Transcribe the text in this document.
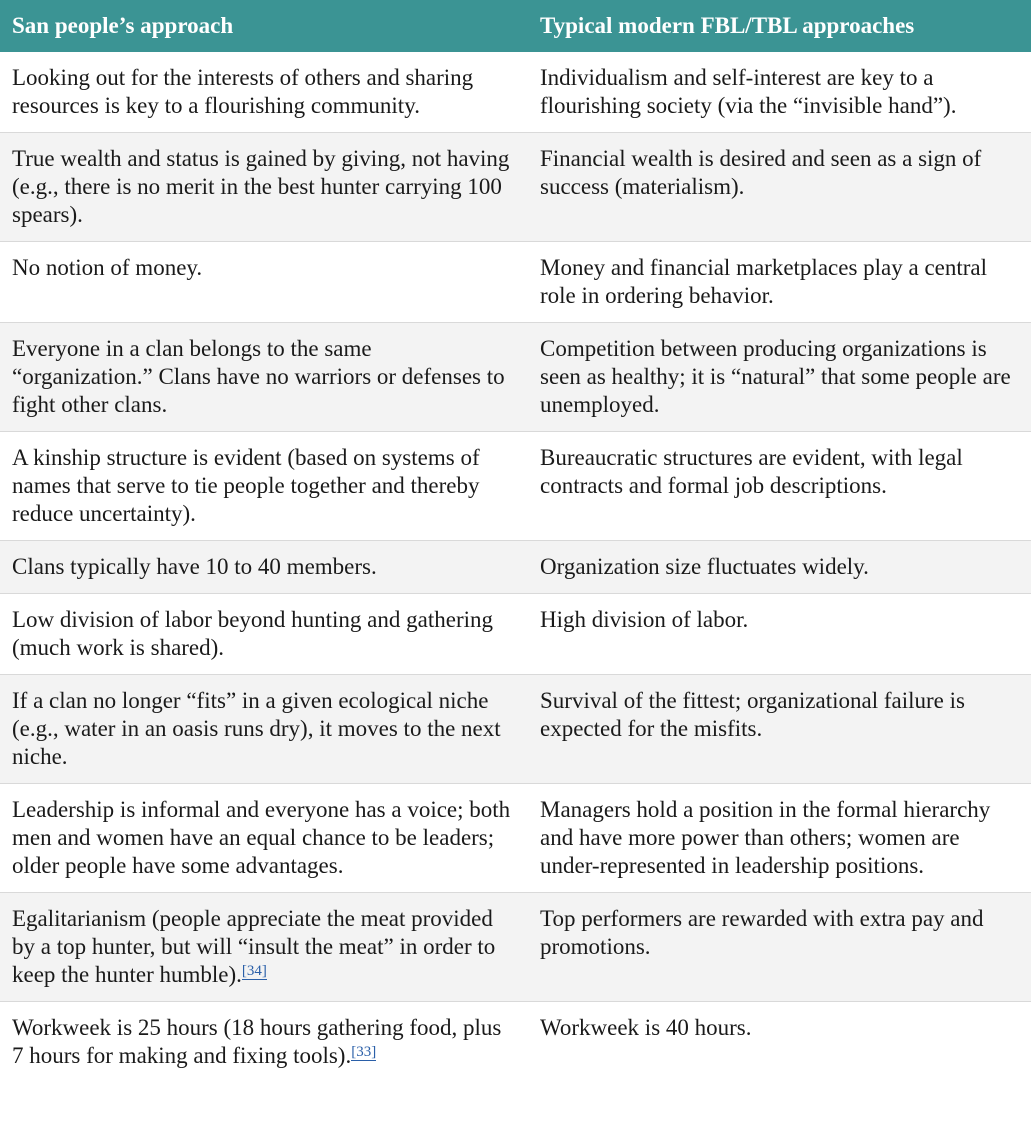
San people’s approach	Typical modern FBL/TBL approaches
Looking out for the interests of others and sharing resources is key to a flourishing community.	Individualism and self-interest are key to a flourishing society (via the “invisible hand”).
True wealth and status is gained by giving, not having (e.g., there is no merit in the best hunter carrying 100 spears).	Financial wealth is desired and seen as a sign of success (materialism).
No notion of money.	Money and financial marketplaces play a central role in ordering behavior.
Everyone in a clan belongs to the same “organization.” Clans have no warriors or defenses to fight other clans.	Competition between producing organizations is seen as healthy; it is “natural” that some people are unemployed.
A kinship structure is evident (based on systems of names that serve to tie people together and thereby reduce uncertainty).	Bureaucratic structures are evident, with legal contracts and formal job descriptions.
Clans typically have 10 to 40 members.	Organization size fluctuates widely.
Low division of labor beyond hunting and gathering (much work is shared).	High division of labor.
If a clan no longer “fits” in a given ecological niche (e.g., water in an oasis runs dry), it moves to the next niche.	Survival of the fittest; organizational failure is expected for the misfits.
Leadership is informal and everyone has a voice; both men and women have an equal chance to be leaders; older people have some advantages.	Managers hold a position in the formal hierarchy and have more power than others; women are under-represented in leadership positions.
Egalitarianism (people appreciate the meat provided by a top hunter, but will “insult the meat” in order to keep the hunter humble).[34]	Top performers are rewarded with extra pay and promotions.
Workweek is 25 hours (18 hours gathering food, plus 7 hours for making and fixing tools).[33]	Workweek is 40 hours.
